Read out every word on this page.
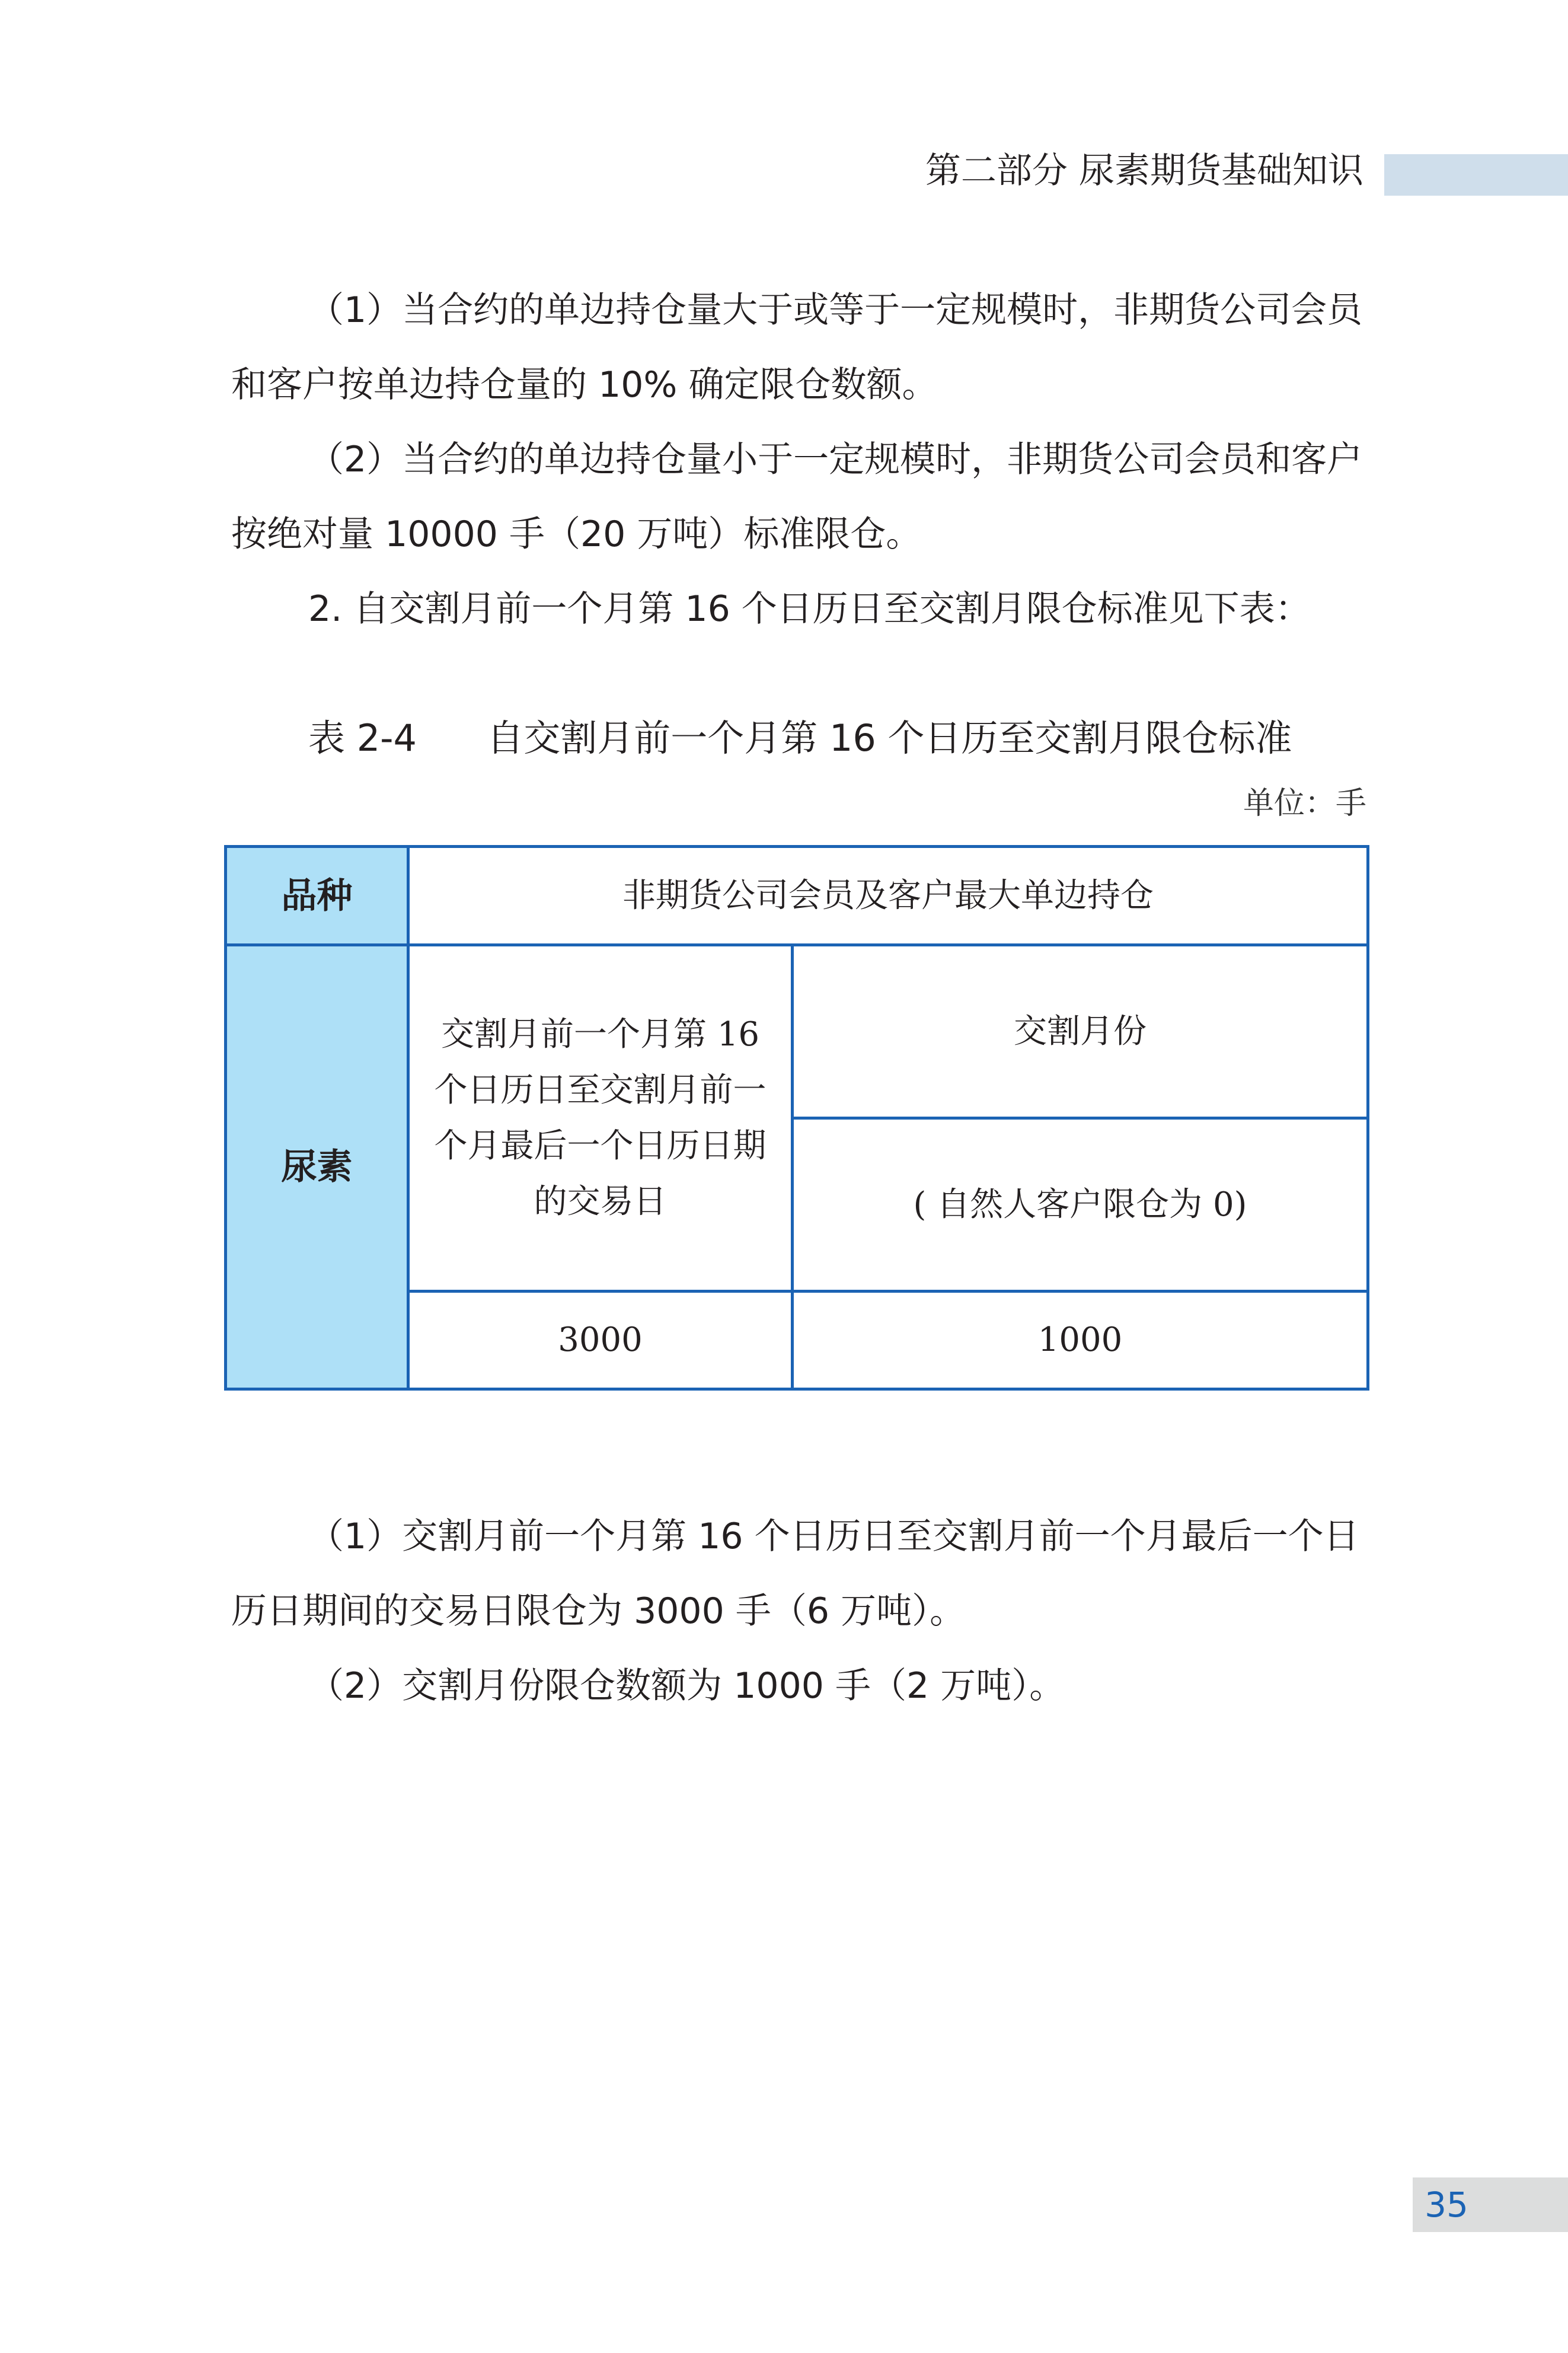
第二部分 尿素期货基础知识

（1）当合约的单边持仓量大于或等于一定规模时，非期货公司会员和客户按单边持仓量的 10% 确定限仓数额。

（2）当合约的单边持仓量小于一定规模时，非期货公司会员和客户按绝对量 10000 手（20 万吨）标准限仓。

2. 自交割月前一个月第 16 个日历日至交割月限仓标准见下表：

表 2-4 自交割月前一个月第 16 个日历至交割月限仓标准
单位：手
品种	非期货公司会员及客户最大单边持仓	
尿素	交割月前一个月第 16 个日历日至交割月前一个月最后一个日历日期的交易日	交割月份
		( 自然人客户限仓为 0)
	3000	1000

（1）交割月前一个月第 16 个日历日至交割月前一个月最后一个日历日期间的交易日限仓为 3000 手（6 万吨）。

（2）交割月份限仓数额为 1000 手（2 万吨）。

35
